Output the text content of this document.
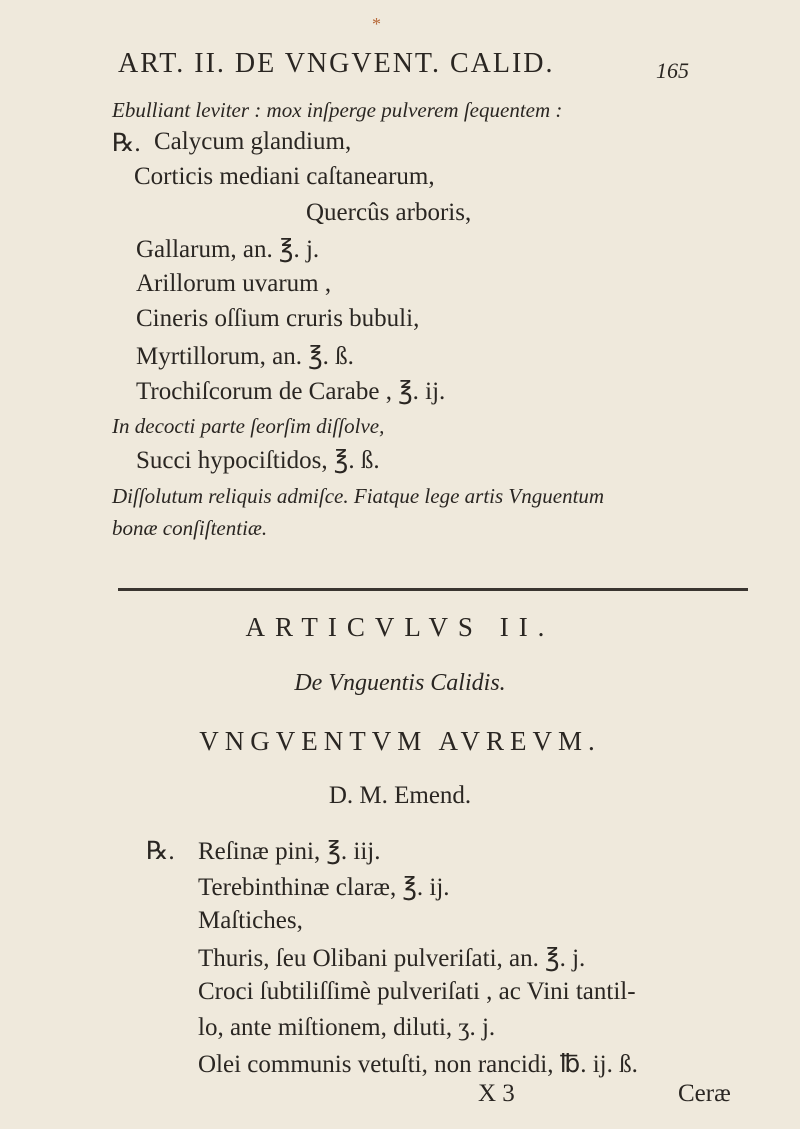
*
ART. II. DE VNGVENT. CALID.	165
Ebulliant leviter : mox inſperge pulverem ſequentem :
℞. Calycum glandium,
Corticis mediani caſtanearum,
Quercûs arboris,
Gallarum, an. ℥. j.
Arillorum uvarum ,
Cineris oſſium cruris bubuli,
Myrtillorum, an. ℥. ß.
Trochiſcorum de Carabe , ℥. ij.
In decocti parte ſeorſim diſſolve,
Succi hypociſtidos, ℥. ß.
Diſſolutum reliquis admiſce. Fiatque lege artis Vnguentum
bonæ conſiſtentiæ.
ARTICVLVS II.
De Vnguentis Calidis.
VNGVENTVM AVREVM.
D. M. Emend.
℞. Reſinæ pini, ℥. iij.
Terebinthinæ claræ, ℥. ij.
Maſtiches,
Thuris, ſeu Olibani pulveriſati, an. ℥. j.
Croci ſubtiliſſimè pulveriſati , ac Vini tantil-
lo, ante miſtionem, diluti, ʒ. j.
Olei communis vetuſti, non rancidi, ℔. ij. ß.
X 3	Ceræ
